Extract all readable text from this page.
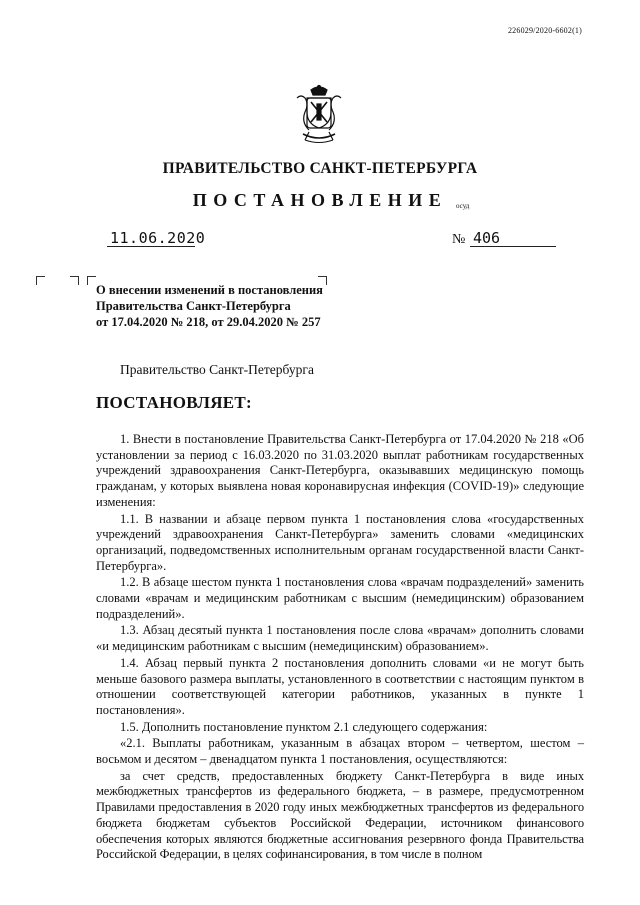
226029/2020-6602(1)
ПРАВИТЕЛЬСТВО САНКТ-ПЕТЕРБУРГА
ПОСТАНОВЛЕНИЕ	осуд
11.06.2020	№ 406
О внесении изменений в постановления
Правительства Санкт-Петербурга
от 17.04.2020 № 218, от 29.04.2020 № 257
Правительство Санкт-Петербурга
ПОСТАНОВЛЯЕТ:

1. Внести в постановление Правительства Санкт-Петербурга от 17.04.2020 № 218 «Об установлении за период с 16.03.2020 по 31.03.2020 выплат работникам государственных учреждений здравоохранения Санкт-Петербурга, оказывавших медицинскую помощь гражданам, у которых выявлена новая коронавирусная инфекция (COVID-19)» следующие изменения:

1.1. В названии и абзаце первом пункта 1 постановления слова «государственных учреждений здравоохранения Санкт-Петербурга» заменить словами «медицинских организаций, подведомственных исполнительным органам государственной власти Санкт-Петербурга».

1.2. В абзаце шестом пункта 1 постановления слова «врачам подразделений» заменить словами «врачам и медицинским работникам с высшим (немедицинским) образованием подразделений».

1.3. Абзац десятый пункта 1 постановления после слова «врачам» дополнить словами «и медицинским работникам с высшим (немедицинским) образованием».

1.4. Абзац первый пункта 2 постановления дополнить словами «и не могут быть меньше базового размера выплаты, установленного в соответствии с настоящим пунктом в отношении соответствующей категории работников, указанных в пункте 1 постановления».

1.5. Дополнить постановление пунктом 2.1 следующего содержания:

«2.1. Выплаты работникам, указанным в абзацах втором – четвертом, шестом – восьмом и десятом – двенадцатом пункта 1 постановления, осуществляются:

за счет средств, предоставленных бюджету Санкт-Петербурга в виде иных межбюджетных трансфертов из федерального бюджета, – в размере, предусмотренном Правилами предоставления в 2020 году иных межбюджетных трансфертов из федерального бюджета бюджетам субъектов Российской Федерации, источником финансового обеспечения которых являются бюджетные ассигнования резервного фонда Правительства Российской Федерации, в целях софинансирования, в том числе в полном
